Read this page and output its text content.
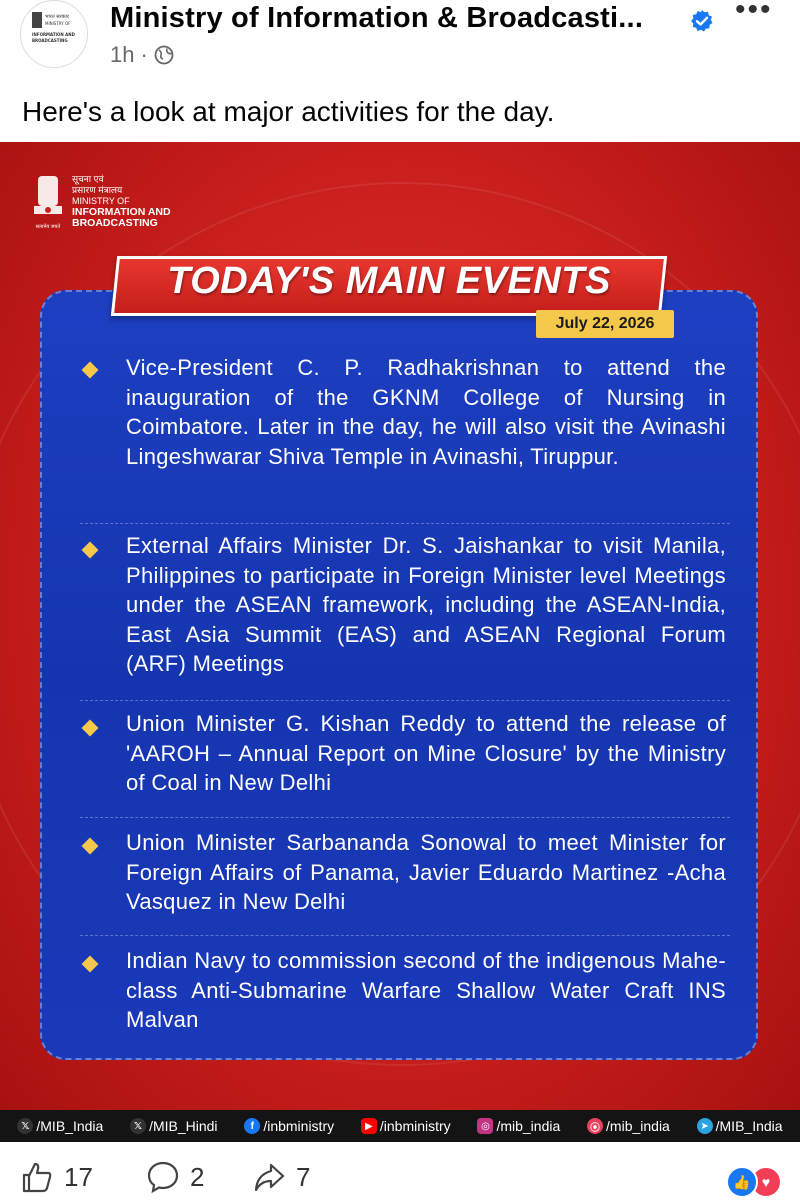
भारत सरकार
MINISTRY OF
INFORMATION AND
BROADCASTING
Ministry of Information & Broadcasti...	•••
1h ·
Here's a look at major activities for the day.
सत्यमेव जयते
सूचना एवं
प्रसारण मंत्रालय
MINISTRY OF
INFORMATION AND
BROADCASTING
TODAY'S MAIN EVENTS
July 22, 2026
Vice-President C. P. Radhakrishnan to attend the inauguration of the GKNM College of Nursing in Coimbatore. Later in the day, he will also visit the Avinashi Lingeshwarar Shiva Temple in Avinashi, Tiruppur.
External Affairs Minister Dr. S. Jaishankar to visit Manila, Philippines to participate in Foreign Minister level Meetings under the ASEAN framework, including the ASEAN-India, East Asia Summit (EAS) and ASEAN Regional Forum (ARF) Meetings
Union Minister G. Kishan Reddy to attend the release of 'AAROH – Annual Report on Mine Closure' by the Ministry of Coal in New Delhi
Union Minister Sarbananda Sonowal to meet Minister for Foreign Affairs of Panama, Javier Eduardo Martinez -Acha Vasquez in New Delhi
Indian Navy to commission second of the indigenous Mahe-class Anti-Submarine Warfare Shallow Water Craft INS Malvan
𝕏 /MIB_India	𝕏 /MIB_Hindi	f /inbministry	▶ /inbministry	◎ /mib_india	⦿ /mib_india	➤ /MIB_India
17	2	7	👍 ♥
